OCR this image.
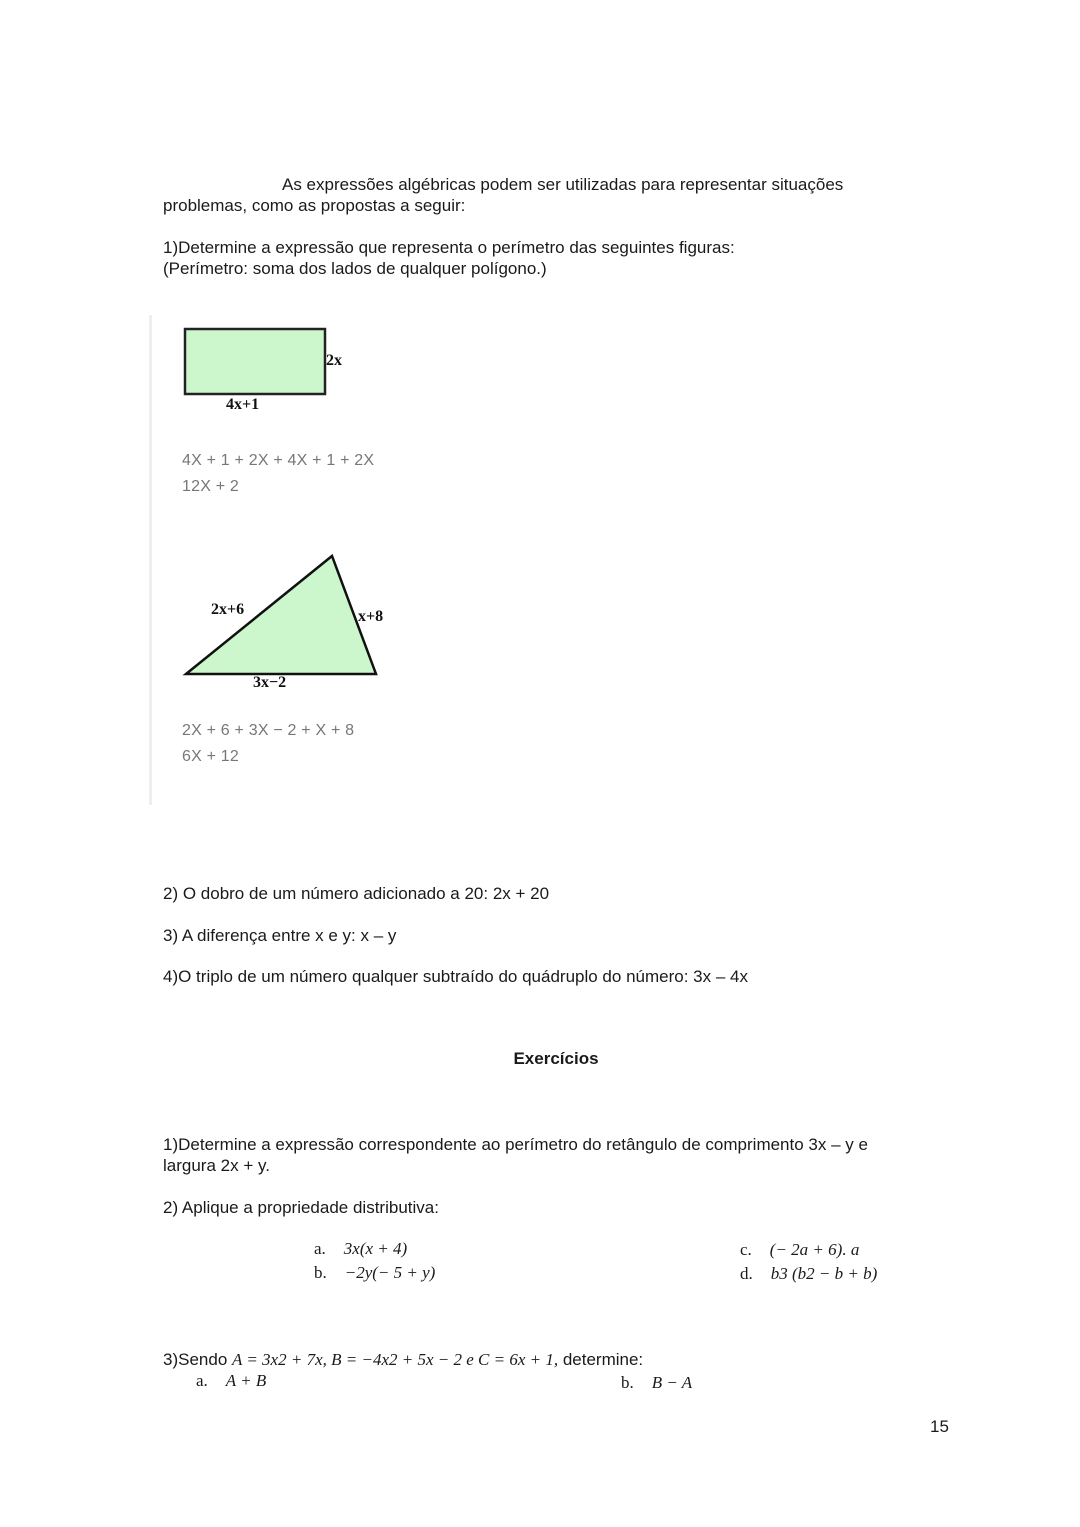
As expressões algébricas podem ser utilizadas para representar situações
problemas, como as propostas a seguir:
1)Determine a expressão que representa o perímetro das seguintes figuras:
(Perímetro: soma dos lados de qualquer polígono.)
2x
4x+1
4X + 1 + 2X + 4X + 1 + 2X
12X + 2
2x+6	x+8
3x−2
2X + 6 + 3X − 2 + X + 8
6X + 12
2) O dobro de um número adicionado a 20: 2x + 20
3) A diferença entre x e y: x – y
4)O triplo de um número qualquer subtraído do quádruplo do número: 3x – 4x
Exercícios
1)Determine a expressão correspondente ao perímetro do retângulo de comprimento 3x – y e
largura 2x + y.
2) Aplique a propriedade distributiva:
a. 3x(x + 4)
b. −2y(− 5 + y)
c. (− 2a + 6). a
d. b3 (b2 − b + b)
3)Sendo A = 3x2 + 7x, B = −4x2 + 5x − 2 e C = 6x + 1, determine:
a. A + B	b. B − A
15
